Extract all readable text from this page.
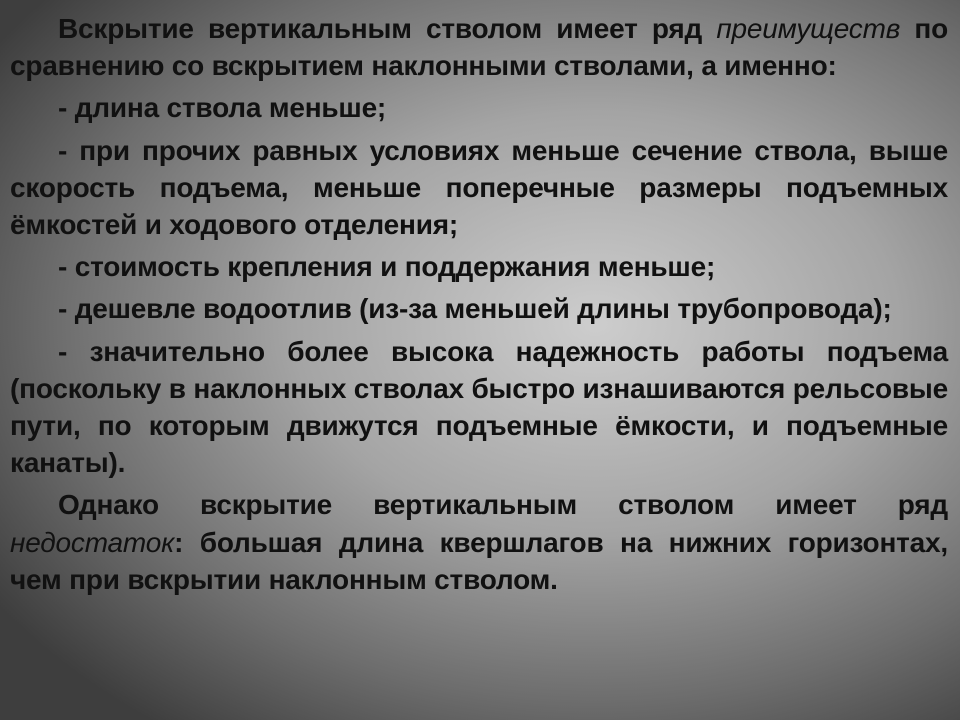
Вскрытие вертикальным стволом имеет ряд преимуществ по сравнению со вскрытием наклонными стволами, а именно:

- длина ствола меньше;

- при прочих равных условиях меньше сечение ствола, выше скорость подъема, меньше поперечные размеры подъемных ёмкостей и ходового отделения;

- стоимость крепления и поддержания меньше;

- дешевле водоотлив (из-за меньшей длины трубопровода);

- значительно более высока надежность работы подъема (поскольку в наклонных стволах быстро изнашиваются рельсовые пути, по которым движутся подъемные ёмкости, и подъемные канаты).

Однако вскрытие вертикальным стволом имеет ряд недостаток: большая длина квершлагов на нижних горизонтах, чем при вскрытии наклонным стволом.
